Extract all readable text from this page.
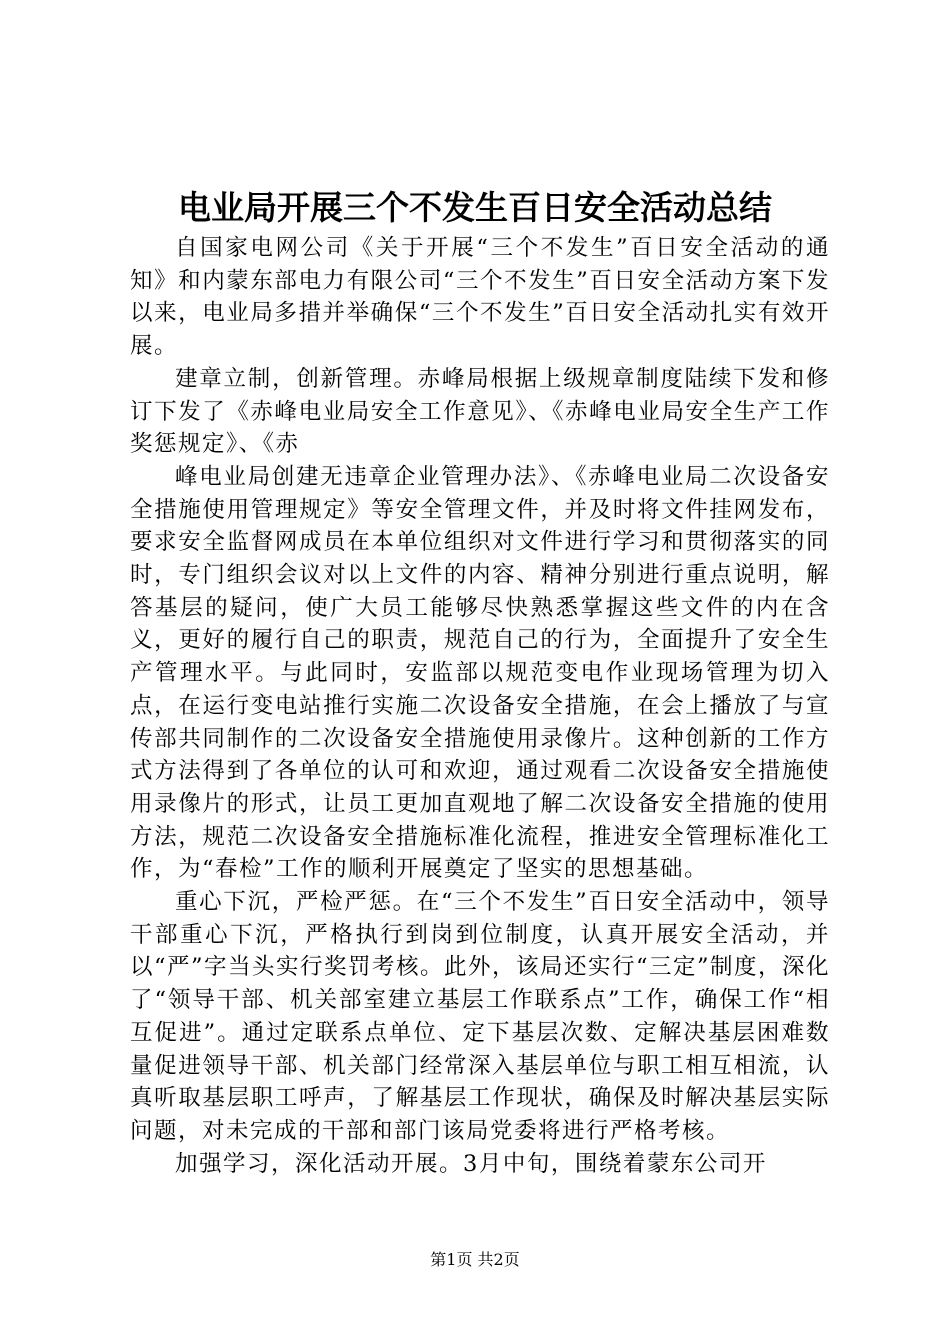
电业局开展三个不发生百日安全活动总结

自国家电网公司《关于开展“三个不发生”百日安全活动的通知》和内蒙东部电力有限公司“三个不发生”百日安全活动方案下发以来，电业局多措并举确保“三个不发生”百日安全活动扎实有效开展。

建章立制，创新管理。赤峰局根据上级规章制度陆续下发和修订下发了《赤峰电业局安全工作意见》、《赤峰电业局安全生产工作奖惩规定》、《赤

峰电业局创建无违章企业管理办法》、《赤峰电业局二次设备安全措施使用管理规定》等安全管理文件，并及时将文件挂网发布，要求安全监督网成员在本单位组织对文件进行学习和贯彻落实的同时，专门组织会议对以上文件的内容、精神分别进行重点说明，解答基层的疑问，使广大员工能够尽快熟悉掌握这些文件的内在含义，更好的履行自己的职责，规范自己的行为，全面提升了安全生产管理水平。与此同时，安监部以规范变电作业现场管理为切入点，在运行变电站推行实施二次设备安全措施，在会上播放了与宣传部共同制作的二次设备安全措施使用录像片。这种创新的工作方式方法得到了各单位的认可和欢迎，通过观看二次设备安全措施使用录像片的形式，让员工更加直观地了解二次设备安全措施的使用方法，规范二次设备安全措施标准化流程，推进安全管理标准化工作，为“春检”工作的顺利开展奠定了坚实的思想基础。

重心下沉，严检严惩。在“三个不发生”百日安全活动中，领导干部重心下沉，严格执行到岗到位制度，认真开展安全活动，并以“严”字当头实行奖罚考核。此外，该局还实行“三定”制度，深化了“领导干部、机关部室建立基层工作联系点”工作，确保工作“相互促进”。通过定联系点单位、定下基层次数、定解决基层困难数量促进领导干部、机关部门经常深入基层单位与职工相互相流，认真听取基层职工呼声，了解基层工作现状，确保及时解决基层实际问题，对未完成的干部和部门该局党委将进行严格考核。

加强学习，深化活动开展。3月中旬，围绕着蒙东公司开

第1页 共2页
